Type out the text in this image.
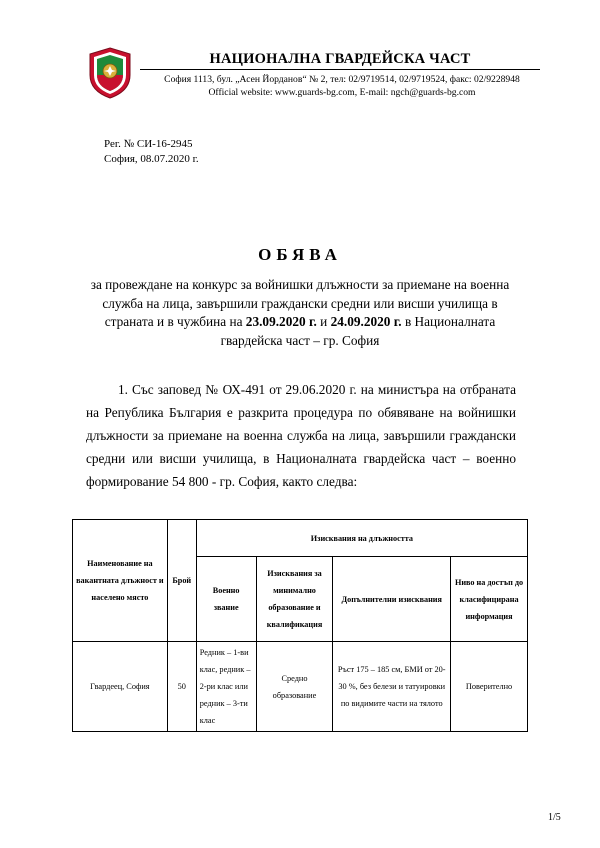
НАЦИОНАЛНА ГВАРДЕЙСКА ЧАСТ
София 1113, бул. „Асен Йорданов“ № 2, тел: 02/9719514, 02/9719524, факс: 02/9228948
Official website: www.guards-bg.com, E-mail: ngch@guards-bg.com
Рег. № СИ-16-2945
София, 08.07.2020 г.
ОБЯВА
за провеждане на конкурс за войнишки длъжности за приемане на военна служба на лица, завършили граждански средни или висши училища в страната и в чужбина на 23.09.2020 г. и 24.09.2020 г. в Националната гвардейска част – гр. София
1. Със заповед № ОХ-491 от 29.06.2020 г. на министъра на отбраната на Република България е разкрита процедура по обявяване на войнишки длъжности за приемане на военна служба на лица, завършили граждански средни или висши училища, в Националната гвардейска част – военно формирование 54 800 - гр. София, както следва:
Наименование на вакантната длъжност и населено място	Брой	Изисквания на длъжността			
		Военно звание	Изисквания за минимално образование и квалификация	Допълнителни изисквания	Ниво на достъп до класифицирана информация
Гвардеец, София	50	Редник – 1-ви клас, редник – 2-ри клас или редник – 3-ти клас	Средно образование	Ръст 175 – 185 см, БМИ от 20-30 %, без белези и татуировки по видимите части на тялото	Поверително
1/5
